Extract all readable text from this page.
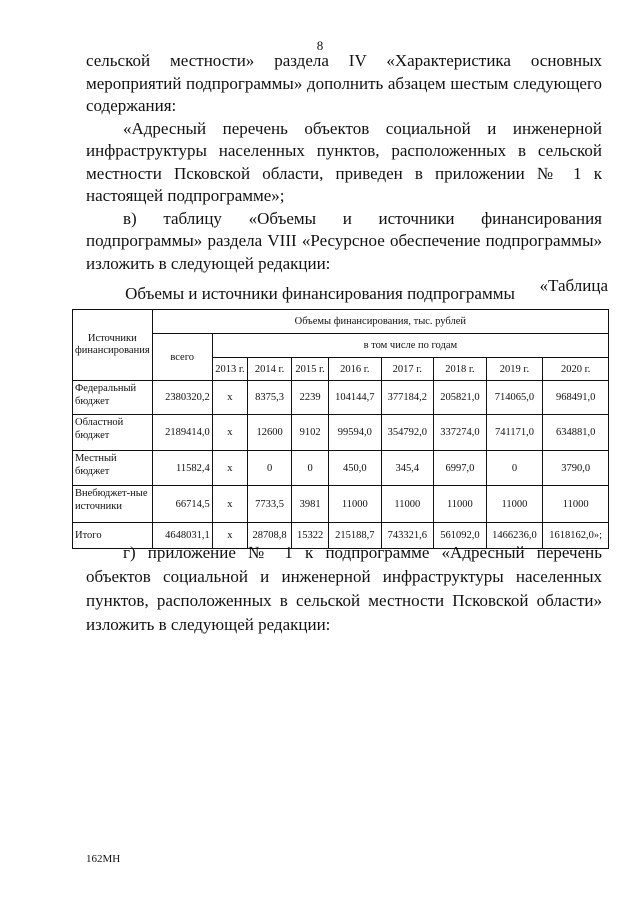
8

сельской местности» раздела IV «Характеристика основных мероприятий подпрограммы» дополнить абзацем шестым следующего содержания:

«Адресный перечень объектов социальной и инженерной инфраструктуры населенных пунктов, расположенных в сельской местности Псковской области, приведен в приложении № 1 к настоящей подпрограмме»;

в) таблицу «Объемы и источники финансирования подпрограммы» раздела VIII «Ресурсное обеспечение подпрограммы» изложить в следующей редакции:

«Таблица

Объемы и источники финансирования подпрограммы
Источники финансирования	Объемы финансирования, тыс. рублей								
	всего	в том числе по годам							
		2013 г.	2014 г.	2015 г.	2016 г.	2017 г.	2018 г.	2019 г.	2020 г.
Федеральный бюджет	2380320,2	x	8375,3	2239	104144,7	377184,2	205821,0	714065,0	968491,0
Областной бюджет	2189414,0	x	12600	9102	99594,0	354792,0	337274,0	741171,0	634881,0
Местный бюджет	11582,4	x	0	0	450,0	345,4	6997,0	0	3790,0
Внебюджет-ные источники	66714,5	x	7733,5	3981	11000	11000	11000	11000	11000
Итого	4648031,1	x	28708,8	15322	215188,7	743321,6	561092,0	1466236,0	1618162,0»;

г) приложение № 1 к подпрограмме «Адресный перечень объектов социальной и инженерной инфраструктуры населенных пунктов, расположенных в сельской местности Псковской области» изложить в следующей редакции:

162МН
